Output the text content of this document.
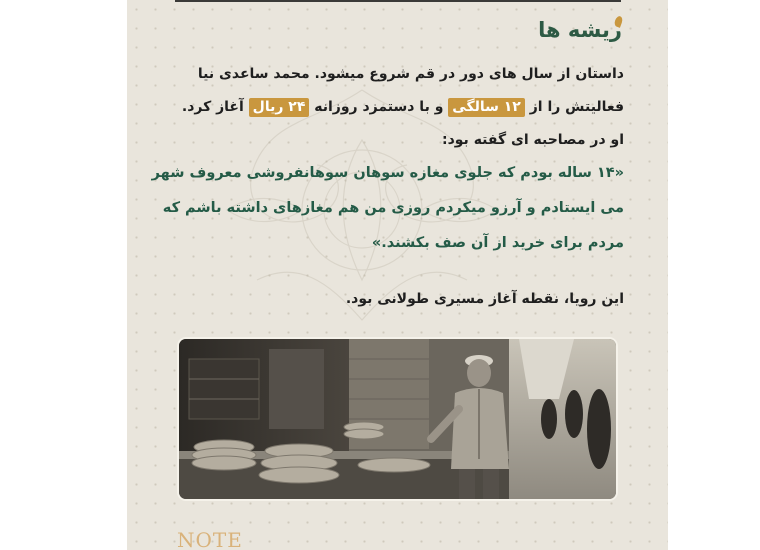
ریشه ها
داستان از سال های دور در قم شروع میشود. محمد ساعدی نیا
فعالیتش را از ۱۲ سالگی و با دستمزد روزانه ۲۴ ریال آغاز کرد.
او در مصاحبه ای گفته بود:
«۱۴ ساله بودم که جلوی مغازه سوهان سوهانفروشی معروف شهر
می ایستادم و آرزو میکردم روزی من هم مغازهای داشته باشم که
مردم برای خرید از آن صف بکشند.»
این رویا، نقطه آغاز مسیری طولانی بود.
NOTE
